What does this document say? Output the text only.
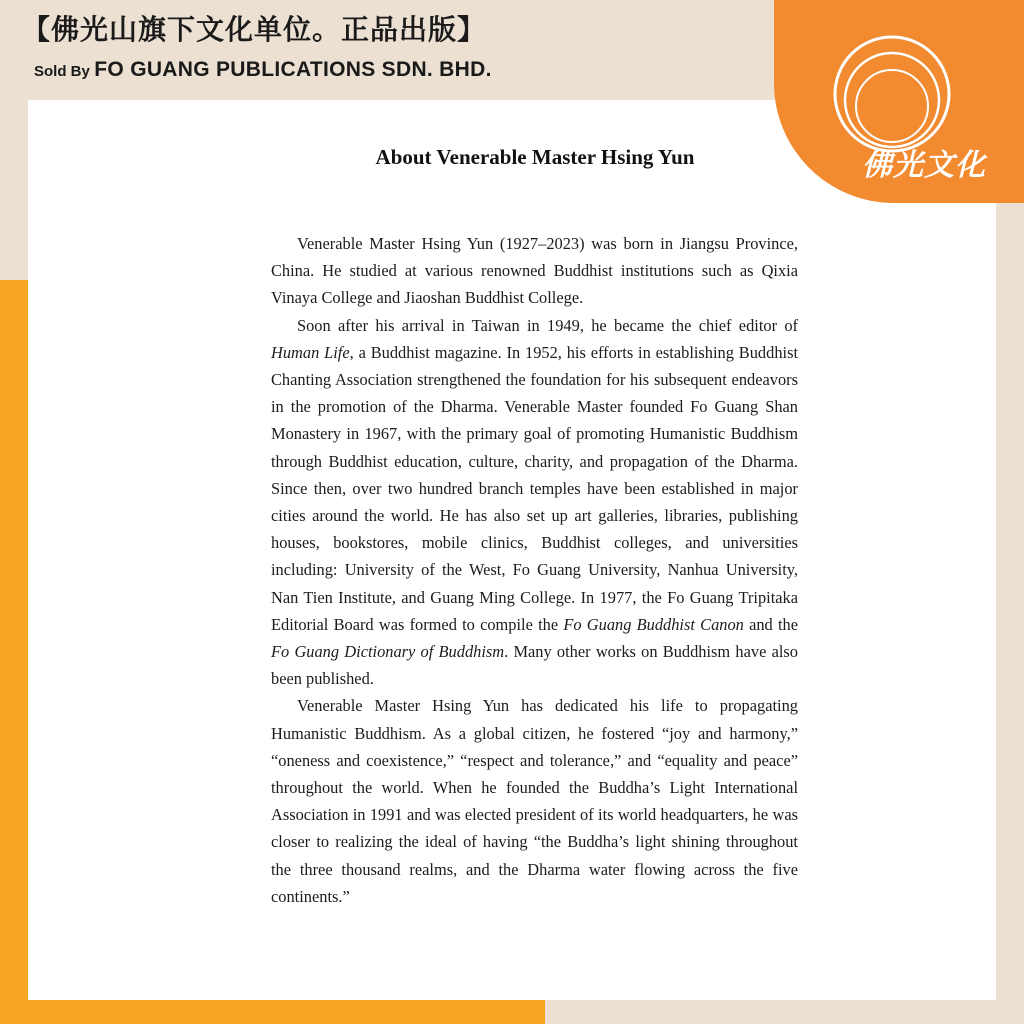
【佛光山旗下文化单位。正品出版】
Sold By FO GUANG PUBLICATIONS SDN. BHD.
佛光文化
About Venerable Master Hsing Yun

Venerable Master Hsing Yun (1927–2023) was born in Jiangsu Province, China. He studied at various renowned Buddhist institutions such as Qixia Vinaya College and Jiaoshan Buddhist College.

Soon after his arrival in Taiwan in 1949, he became the chief editor of Human Life, a Buddhist magazine. In 1952, his efforts in establishing Buddhist Chanting Association strengthened the foundation for his subsequent endeavors in the promotion of the Dharma. Venerable Master founded Fo Guang Shan Monastery in 1967, with the primary goal of promoting Humanistic Buddhism through Buddhist education, culture, charity, and propagation of the Dharma. Since then, over two hundred branch temples have been established in major cities around the world. He has also set up art galleries, libraries, publishing houses, bookstores, mobile clinics, Buddhist colleges, and universities including: University of the West, Fo Guang University, Nanhua University, Nan Tien Institute, and Guang Ming College. In 1977, the Fo Guang Tripitaka Editorial Board was formed to compile the Fo Guang Buddhist Canon and the Fo Guang Dictionary of Buddhism. Many other works on Buddhism have also been published.

Venerable Master Hsing Yun has dedicated his life to propagating Humanistic Buddhism. As a global citizen, he fostered “joy and harmony,” “oneness and coexistence,” “respect and tolerance,” and “equality and peace” throughout the world. When he founded the Buddha’s Light International Association in 1991 and was elected president of its world headquarters, he was closer to realizing the ideal of having “the Buddha’s light shining throughout the three thousand realms, and the Dharma water flowing across the five continents.”
